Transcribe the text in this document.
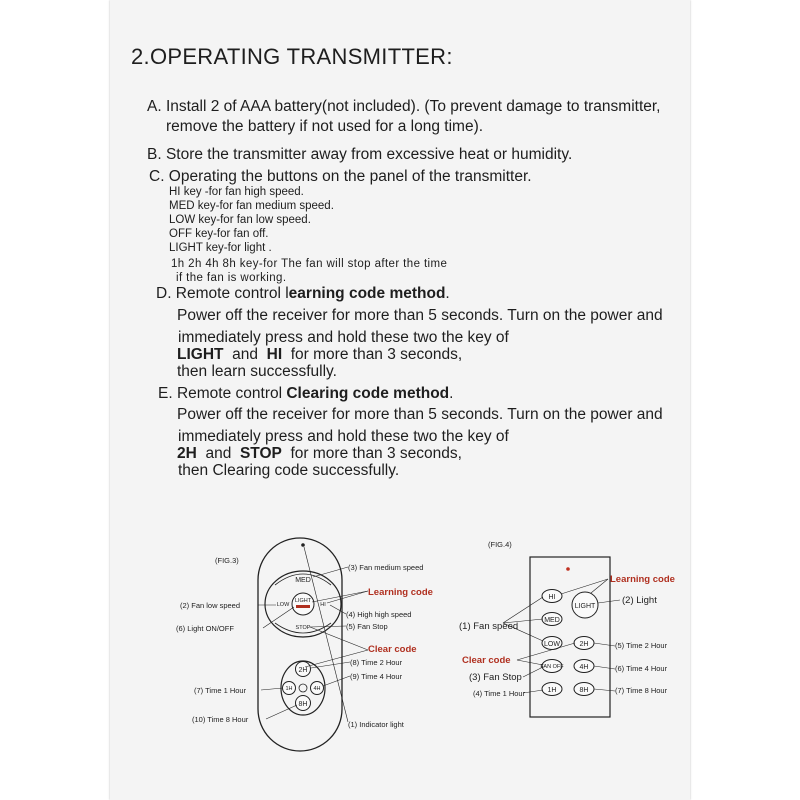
2.OPERATING TRANSMITTER:
A. Install 2 of AAA battery(not included). (To prevent damage to transmitter,
remove the battery if not used for a long time).
B. Store the transmitter away from excessive heat or humidity.
C. Operating the buttons on the panel of the transmitter.
HI key -for fan high speed.
MED key-for fan medium speed.
LOW key-for fan low speed.
OFF key-for fan off.
LIGHT key-for light .
1h 2h 4h 8h key-for The fan will stop after the time
if the fan is working.
D. Remote control learning code method.
Power off the receiver for more than 5 seconds. Turn on the power and
immediately press and hold these two the key of
LIGHT and HI for more than 3 seconds,
then learn successfully.
E. Remote control Clearing code method.
Power off the receiver for more than 5 seconds. Turn on the power and
immediately press and hold these two the key of
2H and STOP for more than 3 seconds,
then Clearing code successfully.
(FIG.3)
MED
LOW	HI
LIGHT
STOP
2H
1H	4H
8H
(3) Fan medium speed
Learning code
(2) Fan low speed
(4) High high speed
(6) Light ON/OFF	(5) Fan Stop
Clear code
(8) Time 2 Hour
(9) Time 4 Hour
(7) Time 1 Hour
(10) Time 8 Hour
(1) Indicator light
(FIG.4)
HI
LIGHT
MED
LOW	2H
FAN OFF 4H
1H	8H
Learning code
(2) Light
(1) Fan speed
(5) Time 2 Hour
Clear code
(6) Time 4 Hour
(3) Fan Stop
(7) Time 8 Hour
(4) Time 1 Hour
